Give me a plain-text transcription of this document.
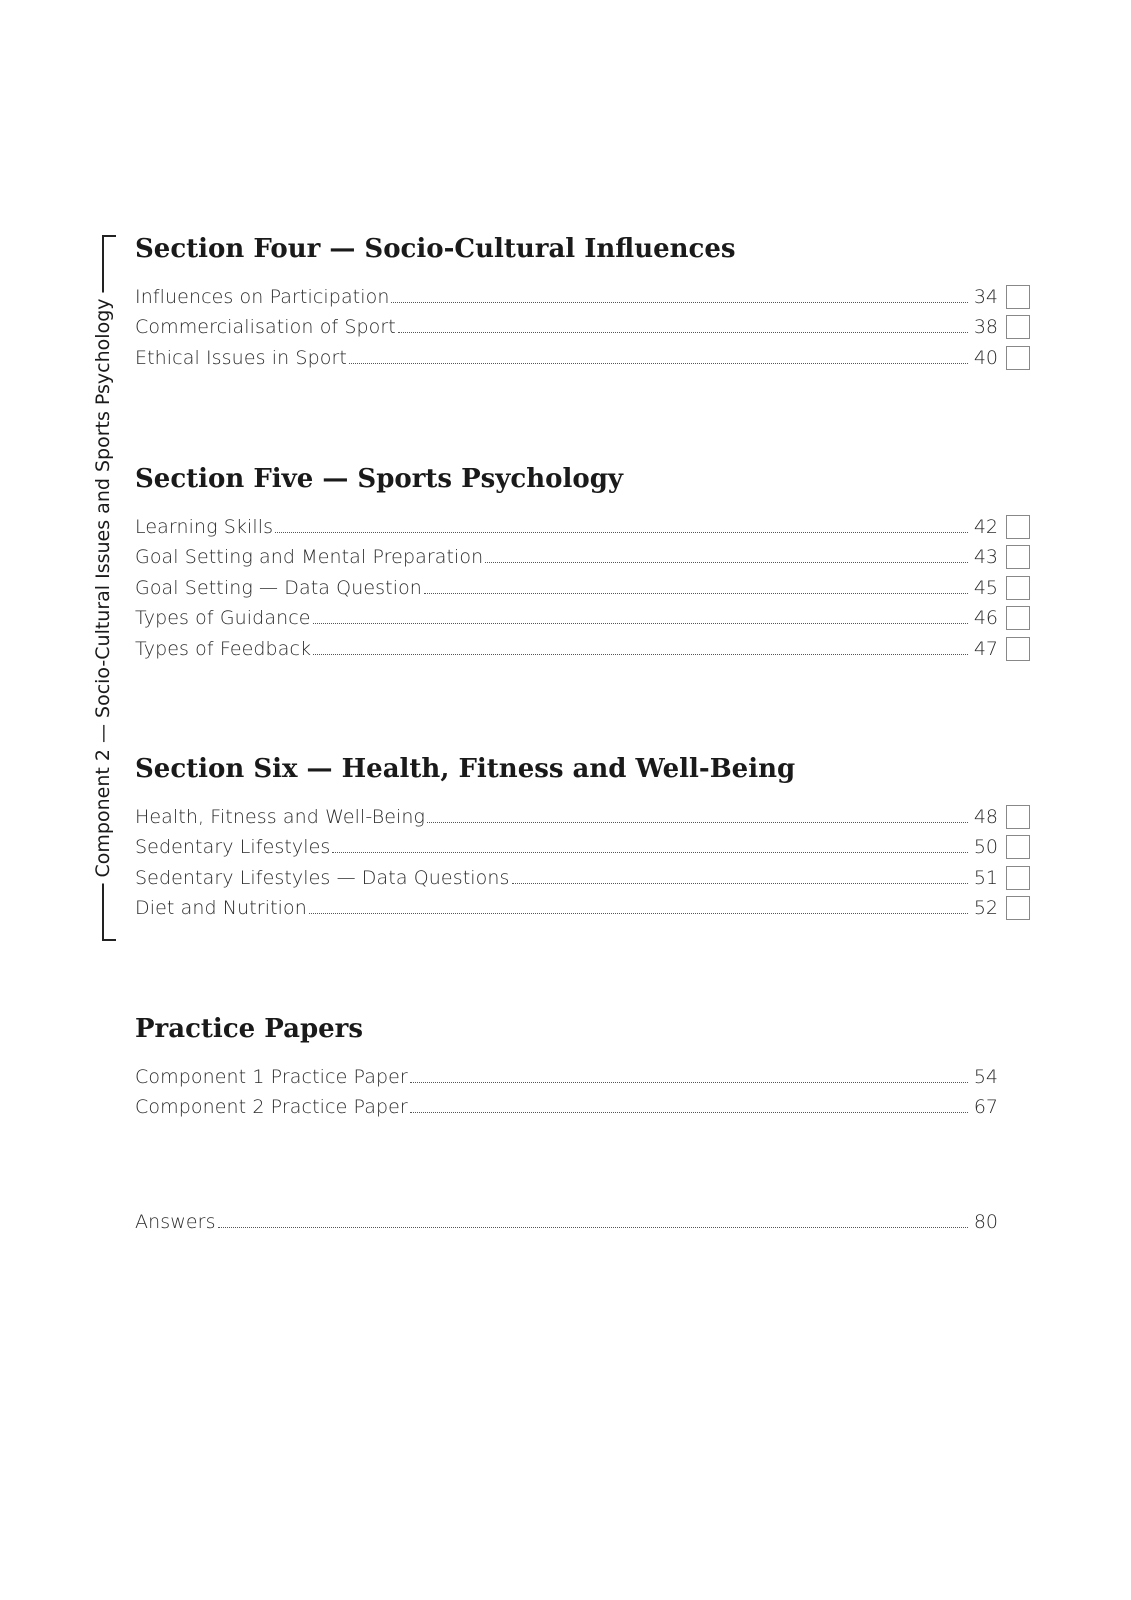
Component 2 — Socio-Cultural Issues and Sports Psychology
Section Four — Socio-Cultural Influences
Influences on Participation	34
Commercialisation of Sport	38
Ethical Issues in Sport	40
Section Five — Sports Psychology
Learning Skills	42
Goal Setting and Mental Preparation	43
Goal Setting — Data Question	45
Types of Guidance	46
Types of Feedback	47
Section Six — Health, Fitness and Well-Being
Health, Fitness and Well-Being	48
Sedentary Lifestyles	50
Sedentary Lifestyles — Data Questions	51
Diet and Nutrition	52
Practice Papers
Component 1 Practice Paper	54
Component 2 Practice Paper	67
Answers	80
